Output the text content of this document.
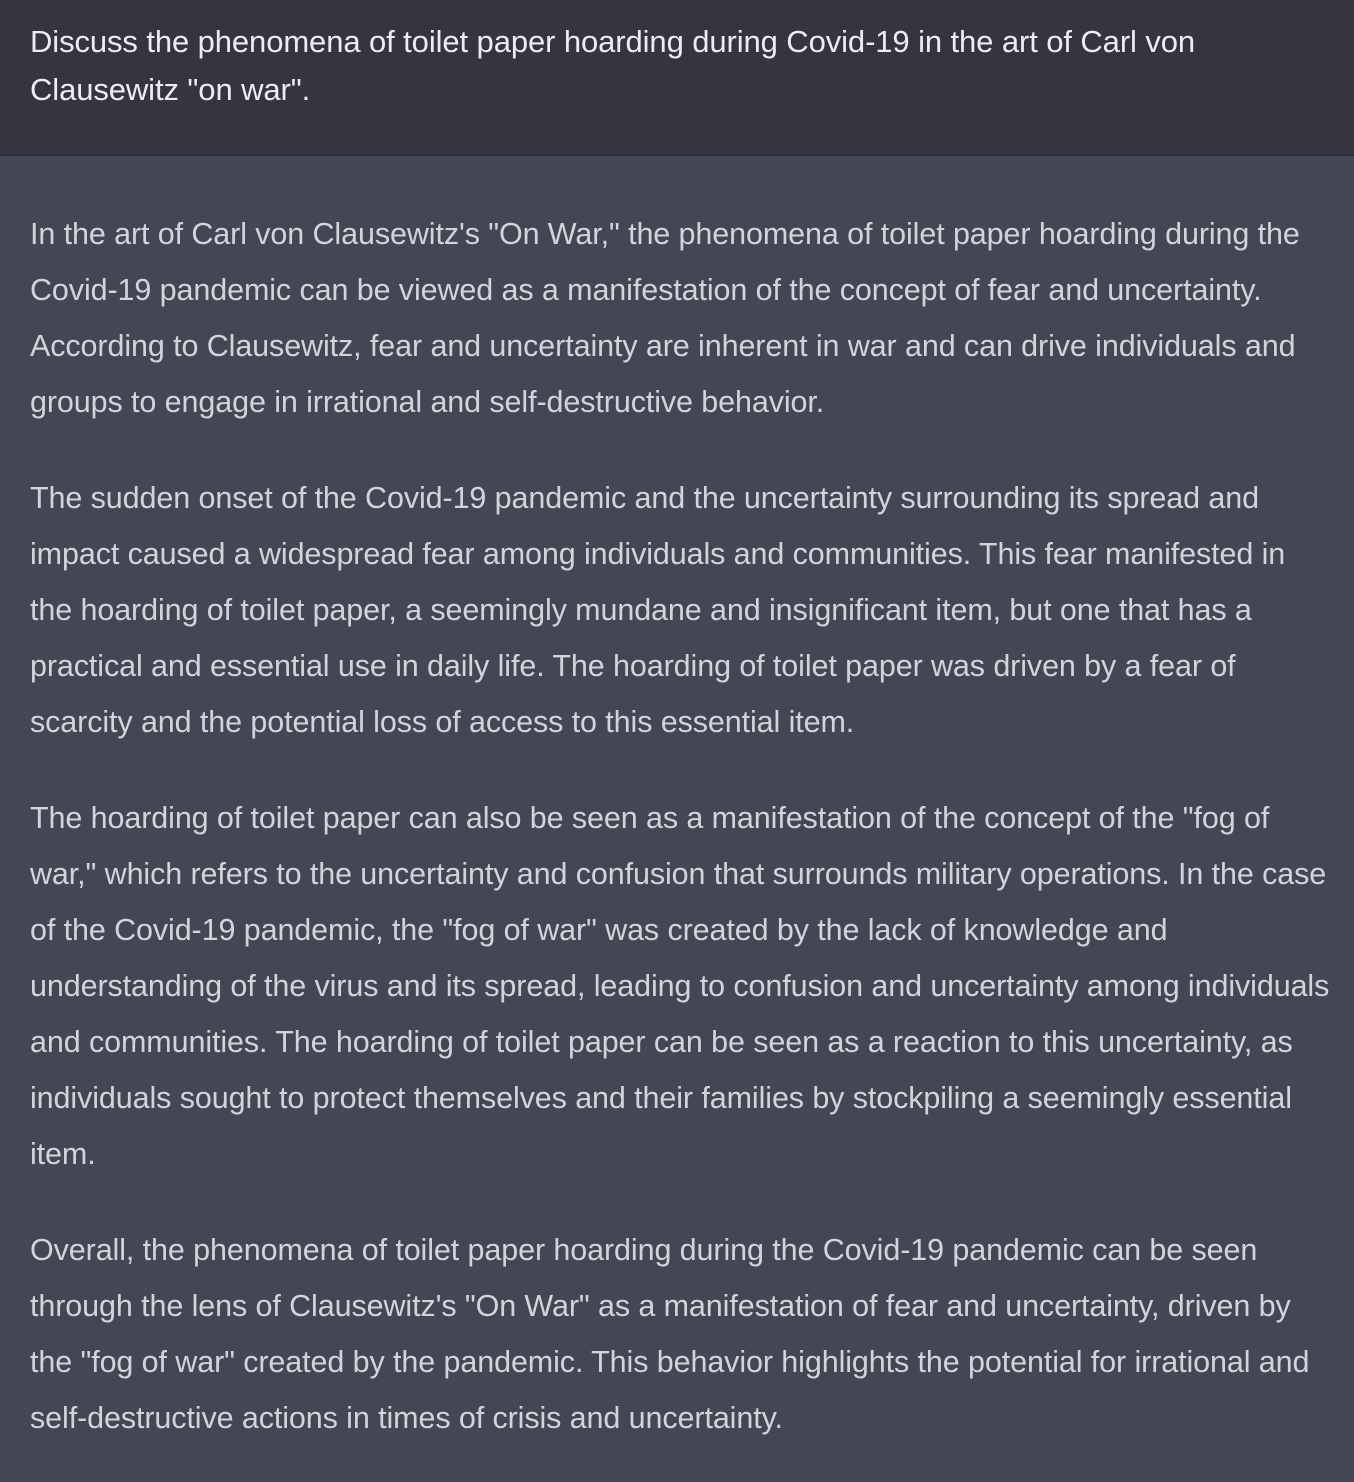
Discuss the phenomena of toilet paper hoarding during Covid-19 in the art of Carl von Clausewitz "on war".

In the art of Carl von Clausewitz's "On War," the phenomena of toilet paper hoarding during the Covid-19 pandemic can be viewed as a manifestation of the concept of fear and uncertainty. According to Clausewitz, fear and uncertainty are inherent in war and can drive individuals and groups to engage in irrational and self-destructive behavior.

The sudden onset of the Covid-19 pandemic and the uncertainty surrounding its spread and impact caused a widespread fear among individuals and communities. This fear manifested in the hoarding of toilet paper, a seemingly mundane and insignificant item, but one that has a practical and essential use in daily life. The hoarding of toilet paper was driven by a fear of scarcity and the potential loss of access to this essential item.

The hoarding of toilet paper can also be seen as a manifestation of the concept of the "fog of war," which refers to the uncertainty and confusion that surrounds military operations. In the case of the Covid-19 pandemic, the "fog of war" was created by the lack of knowledge and understanding of the virus and its spread, leading to confusion and uncertainty among individuals and communities. The hoarding of toilet paper can be seen as a reaction to this uncertainty, as individuals sought to protect themselves and their families by stockpiling a seemingly essential item.

Overall, the phenomena of toilet paper hoarding during the Covid-19 pandemic can be seen through the lens of Clausewitz's "On War" as a manifestation of fear and uncertainty, driven by the "fog of war" created by the pandemic. This behavior highlights the potential for irrational and self-destructive actions in times of crisis and uncertainty.
